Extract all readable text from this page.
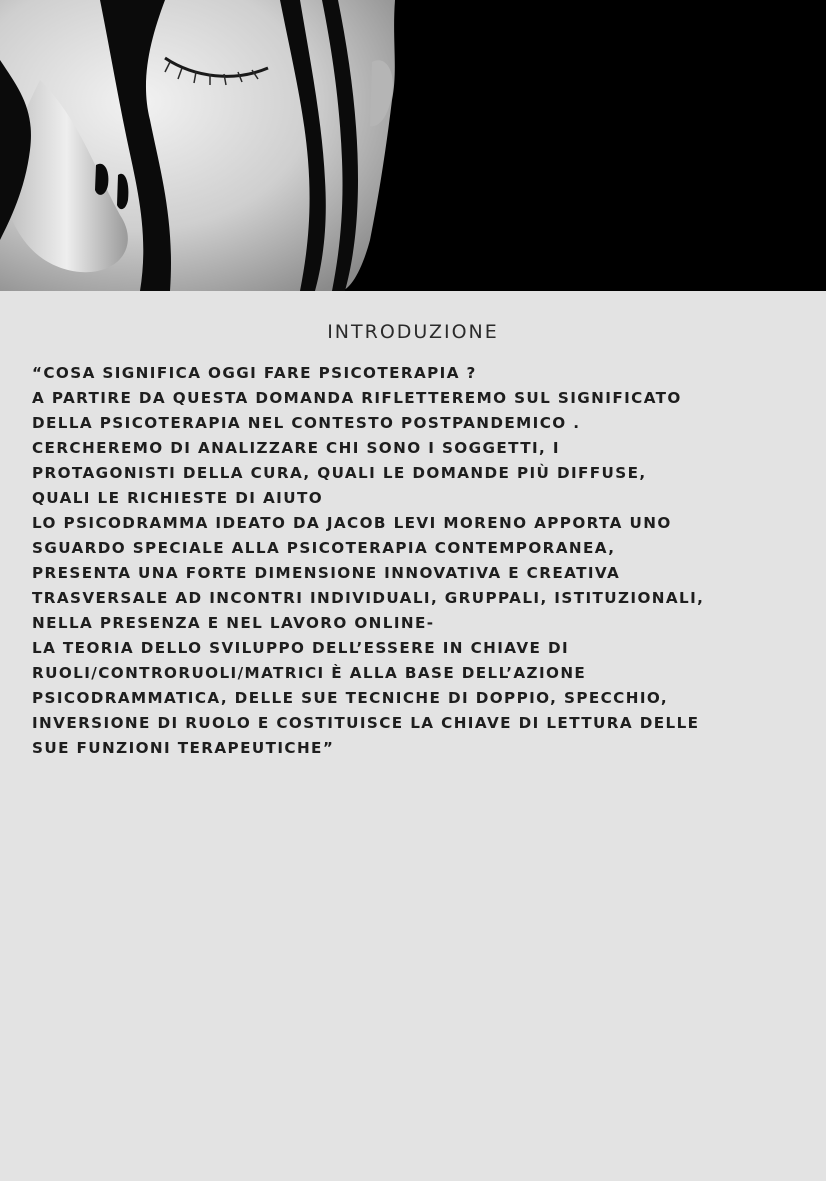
INTRODUZIONE
“COSA SIGNIFICA OGGI FARE PSICOTERAPIA ?
A PARTIRE DA QUESTA DOMANDA RIFLETTEREMO SUL SIGNIFICATO
DELLA PSICOTERAPIA NEL CONTESTO POSTPANDEMICO .
CERCHEREMO DI ANALIZZARE CHI SONO I SOGGETTI, I
PROTAGONISTI DELLA CURA, QUALI LE DOMANDE PIÙ DIFFUSE,
QUALI LE RICHIESTE DI AIUTO
LO PSICODRAMMA IDEATO DA JACOB LEVI MORENO APPORTA UNO
SGUARDO SPECIALE ALLA PSICOTERAPIA CONTEMPORANEA,
PRESENTA UNA FORTE DIMENSIONE INNOVATIVA E CREATIVA
TRASVERSALE AD INCONTRI INDIVIDUALI, GRUPPALI, ISTITUZIONALI,
NELLA PRESENZA E NEL LAVORO ONLINE-
LA TEORIA DELLO SVILUPPO DELL’ESSERE IN CHIAVE DI
RUOLI/CONTRORUOLI/MATRICI È ALLA BASE DELL’AZIONE
PSICODRAMMATICA, DELLE SUE TECNICHE DI DOPPIO, SPECCHIO,
INVERSIONE DI RUOLO E COSTITUISCE LA CHIAVE DI LETTURA DELLE
SUE FUNZIONI TERAPEUTICHE”
